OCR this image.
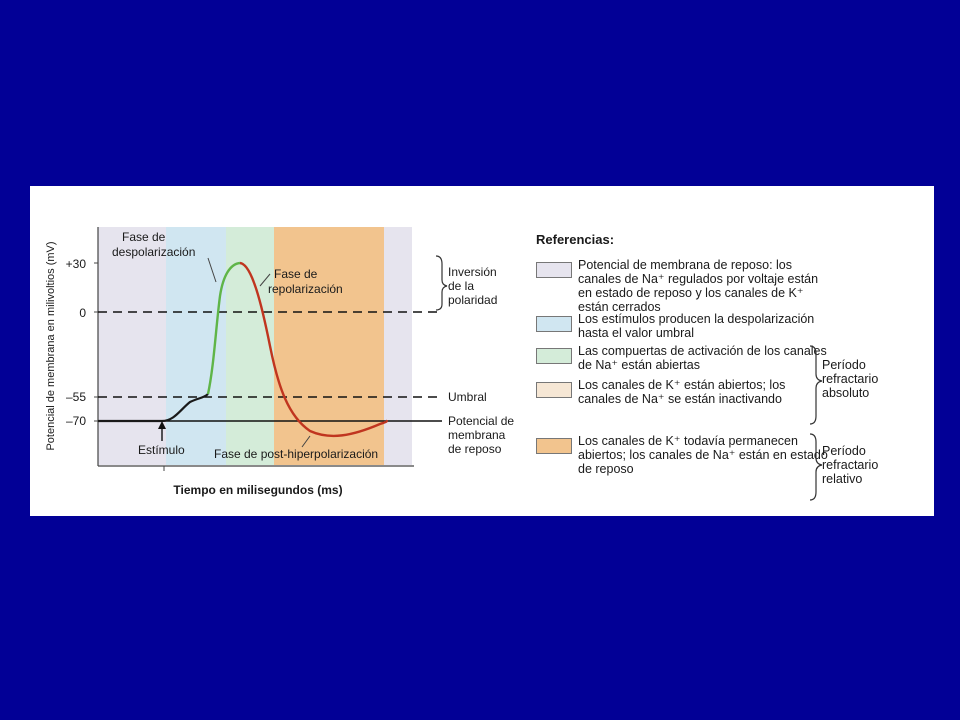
+30
0
–55
–70
Potencial de membrana en milivoltios (mV)
Tiempo en milisegundos (ms)
Fase de
despolarización
Fase de
repolarización
Fase de post-hiperpolarización
Estímulo
Inversión
de la
polaridad
Umbral
Potencial de
membrana
de reposo
Referencias:
Potencial de membrana de reposo: los canales de Na⁺ regulados por voltaje están en estado de reposo y los canales de K⁺ están cerrados
Los estímulos producen la despolarización hasta el valor umbral
Las compuertas de activación de los canales de Na⁺ están abiertas
Los canales de K⁺ están abiertos; los canales de Na⁺ se están inactivando
Los canales de K⁺ todavía permanecen abiertos; los canales de Na⁺ están en estado de reposo
Período
refractario
absoluto
Período
refractario
relativo
